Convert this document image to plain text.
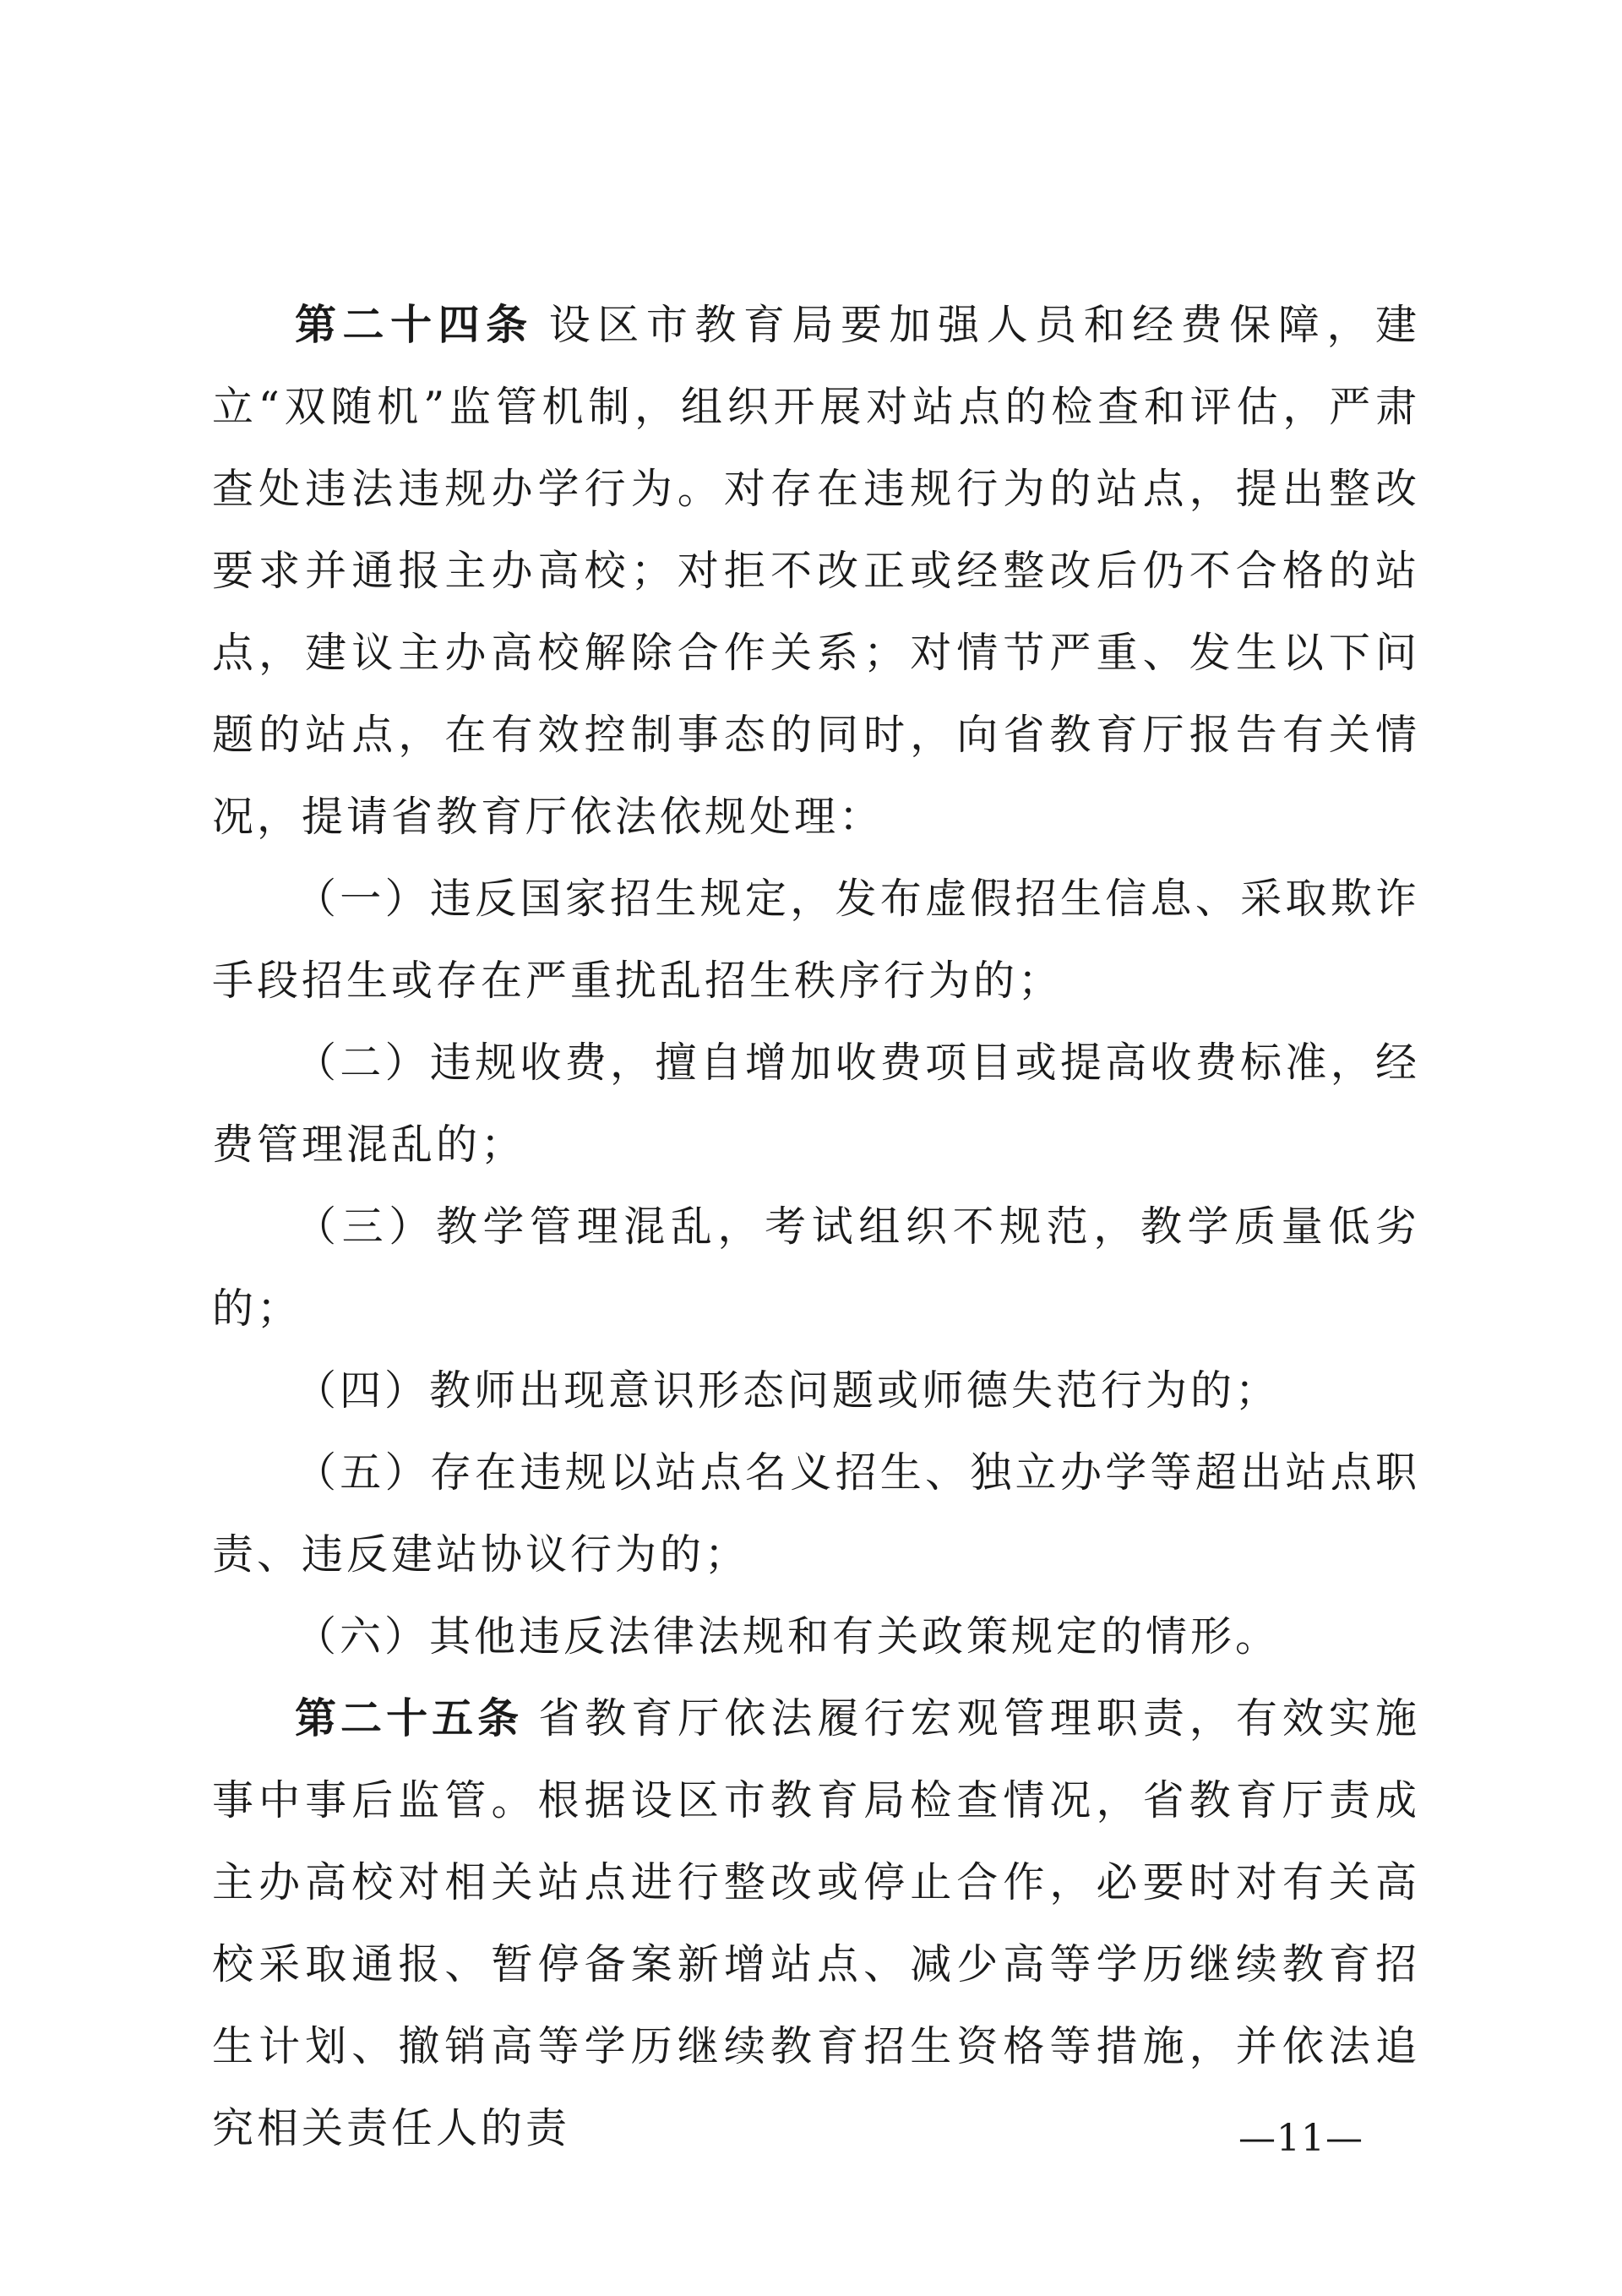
第二十四条 设区市教育局要加强人员和经费保障，建立“双随机”监管机制，组织开展对站点的检查和评估，严肃查处违法违规办学行为。对存在违规行为的站点，提出整改要求并通报主办高校；对拒不改正或经整改后仍不合格的站点，建议主办高校解除合作关系；对情节严重、发生以下问题的站点，在有效控制事态的同时，向省教育厅报告有关情况，提请省教育厅依法依规处理：

（一）违反国家招生规定，发布虚假招生信息、采取欺诈手段招生或存在严重扰乱招生秩序行为的；

（二）违规收费，擅自增加收费项目或提高收费标准，经费管理混乱的；

（三）教学管理混乱，考试组织不规范，教学质量低劣的；

（四）教师出现意识形态问题或师德失范行为的；

（五）存在违规以站点名义招生、独立办学等超出站点职责、违反建站协议行为的；

（六）其他违反法律法规和有关政策规定的情形。

第二十五条 省教育厅依法履行宏观管理职责，有效实施事中事后监管。根据设区市教育局检查情况，省教育厅责成主办高校对相关站点进行整改或停止合作，必要时对有关高校采取通报、暂停备案新增站点、减少高等学历继续教育招生计划、撤销高等学历继续教育招生资格等措施，并依法追究相关责任人的责	—11—
